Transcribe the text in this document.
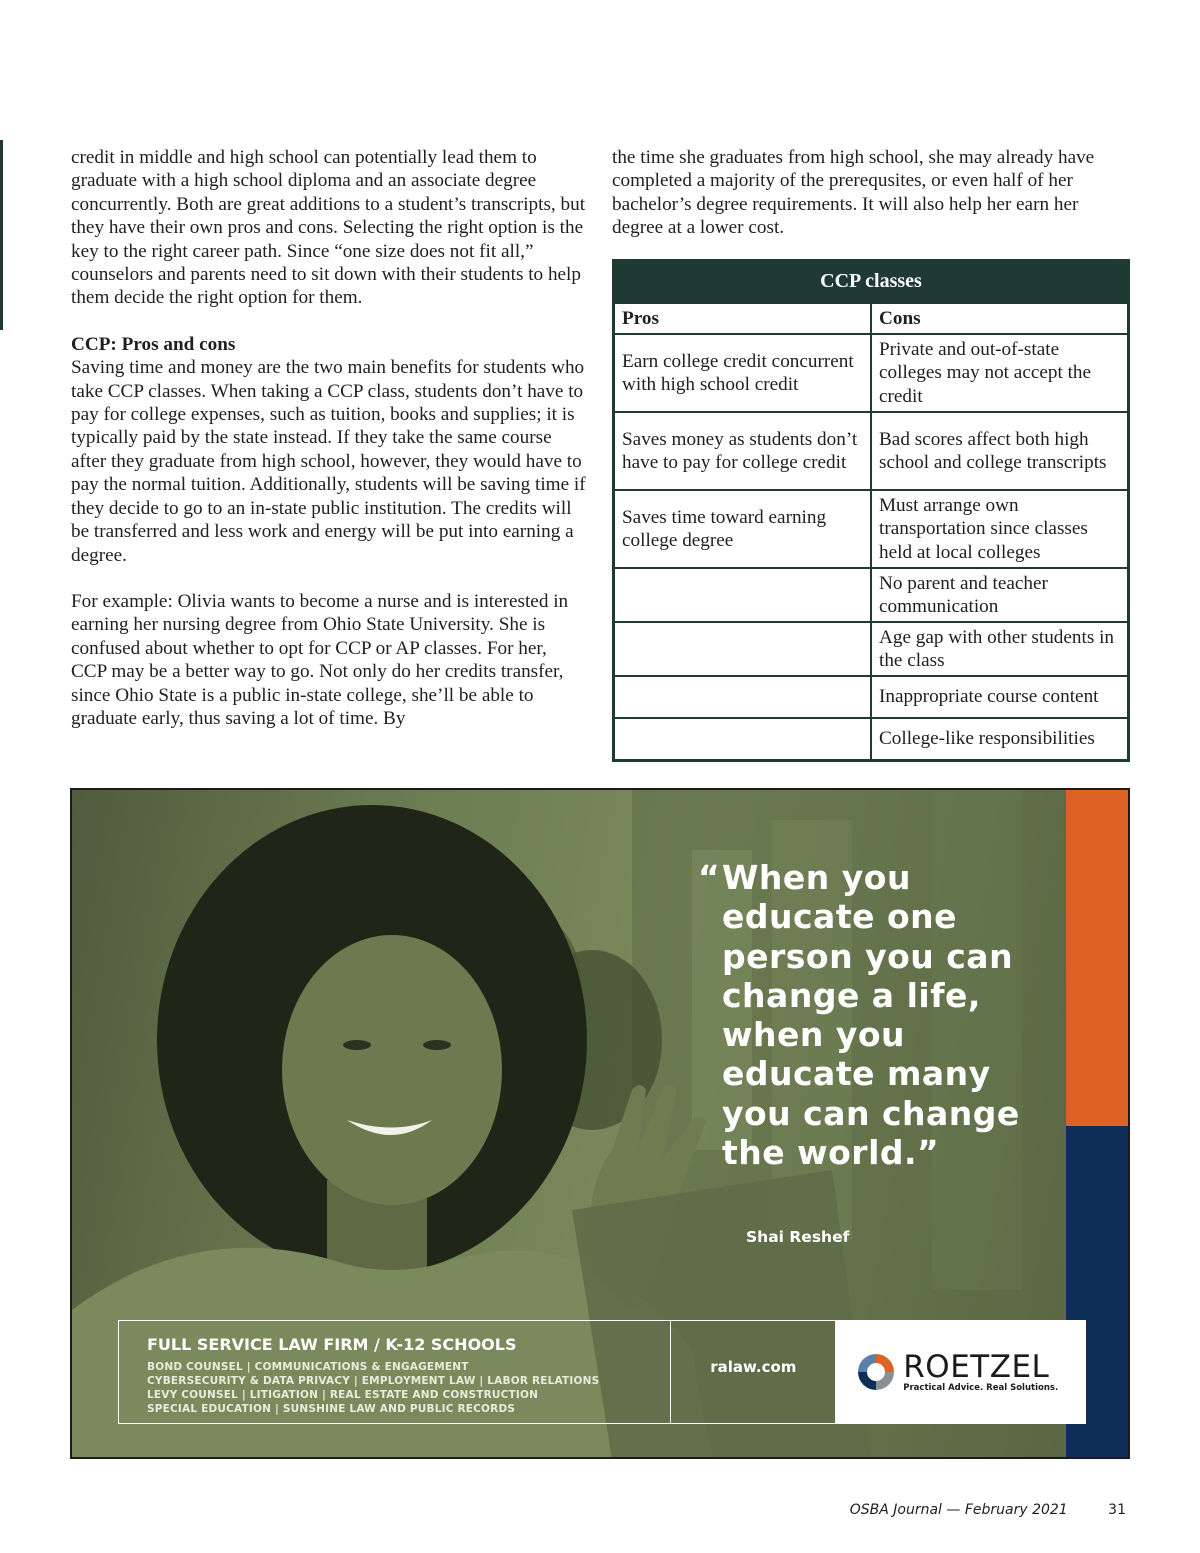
credit in middle and high school can potentially lead them to graduate with a high school diploma and an associate degree concurrently. Both are great additions to a student’s transcripts, but they have their own pros and cons. Selecting the right option is the key to the right career path. Since “one size does not fit all,” counselors and parents need to sit down with their students to help them decide the right option for them.

CCP: Pros and cons

Saving time and money are the two main benefits for students who take CCP classes. When taking a CCP class, students don’t have to pay for college expenses, such as tuition, books and supplies; it is typically paid by the state instead. If they take the same course after they graduate from high school, however, they would have to pay the normal tuition. Additionally, students will be saving time if they decide to go to an in-state public institution. The credits will be transferred and less work and energy will be put into earning a degree.

For example: Olivia wants to become a nurse and is interested in earning her nursing degree from Ohio State University. She is confused about whether to opt for CCP or AP classes. For her, CCP may be a better way to go. Not only do her credits transfer, since Ohio State is a public in-state college, she’ll be able to graduate early, thus saving a lot of time. By

the time she graduates from high school, she may already have completed a majority of the prerequsites, or even half of her bachelor’s degree requirements. It will also help her earn her degree at a lower cost.

CCP classes	
Pros	Cons
Earn college credit concurrent with high school credit	Private and out-of-state colleges may not accept the credit
Saves money as students don’t have to pay for college credit	Bad scores affect both high school and college transcripts
Saves time toward earning college degree	Must arrange own transportation since classes held at local colleges
	No parent and teacher communication
	Age gap with other students in the class
	Inappropriate course content
	College-like responsibilities
“ When you educate one person you can change a life, when you educate many you can change the world.”
Shai Reshef
FULL SERVICE LAW FIRM / K-12 SCHOOLS
BOND COUNSEL | COMMUNICATIONS & ENGAGEMENT
CYBERSECURITY & DATA PRIVACY | EMPLOYMENT LAW | LABOR RELATIONS
LEVY COUNSEL | LITIGATION | REAL ESTATE AND CONSTRUCTION
SPECIAL EDUCATION | SUNSHINE LAW AND PUBLIC RECORDS
ralaw.com	ROETZEL
Practical Advice. Real Solutions.
OSBA Journal — February 2021	31
